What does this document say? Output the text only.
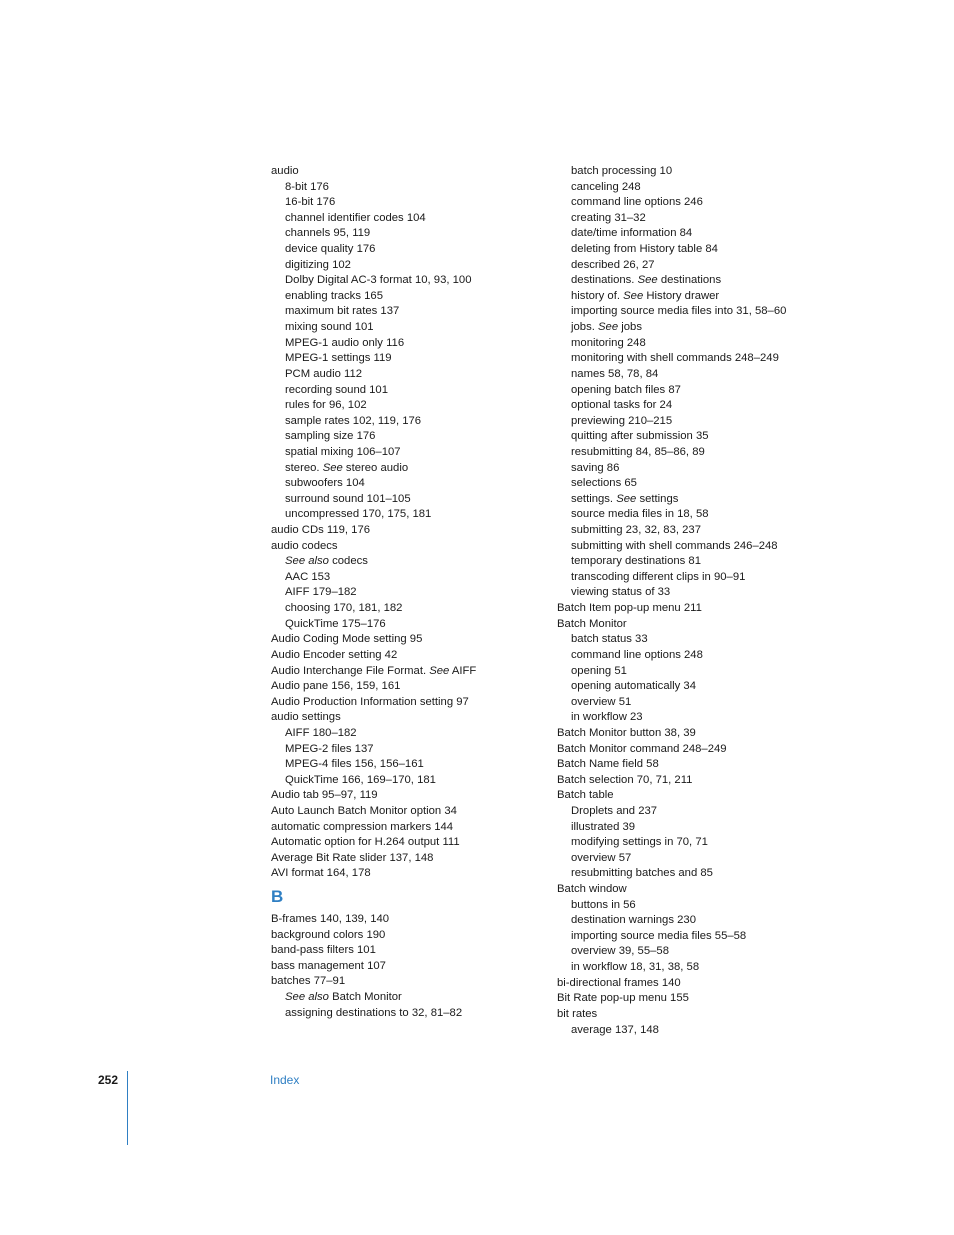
audio
8-bit 176
16-bit 176
channel identifier codes 104
channels 95, 119
device quality 176
digitizing 102
Dolby Digital AC-3 format 10, 93, 100
enabling tracks 165
maximum bit rates 137
mixing sound 101
MPEG-1 audio only 116
MPEG-1 settings 119
PCM audio 112
recording sound 101
rules for 96, 102
sample rates 102, 119, 176
sampling size 176
spatial mixing 106–107
stereo. See stereo audio
subwoofers 104
surround sound 101–105
uncompressed 170, 175, 181
audio CDs 119, 176
audio codecs
See also codecs
AAC 153
AIFF 179–182
choosing 170, 181, 182
QuickTime 175–176
Audio Coding Mode setting 95
Audio Encoder setting 42
Audio Interchange File Format. See AIFF
Audio pane 156, 159, 161
Audio Production Information setting 97
audio settings
AIFF 180–182
MPEG-2 files 137
MPEG-4 files 156, 156–161
QuickTime 166, 169–170, 181
Audio tab 95–97, 119
Auto Launch Batch Monitor option 34
automatic compression markers 144
Automatic option for H.264 output 111
Average Bit Rate slider 137, 148
AVI format 164, 178
B
B-frames 140, 139, 140
background colors 190
band-pass filters 101
bass management 107
batches 77–91
See also Batch Monitor
assigning destinations to 32, 81–82
batch processing 10
canceling 248
command line options 246
creating 31–32
date/time information 84
deleting from History table 84
described 26, 27
destinations. See destinations
history of. See History drawer
importing source media files into 31, 58–60
jobs. See jobs
monitoring 248
monitoring with shell commands 248–249
names 58, 78, 84
opening batch files 87
optional tasks for 24
previewing 210–215
quitting after submission 35
resubmitting 84, 85–86, 89
saving 86
selections 65
settings. See settings
source media files in 18, 58
submitting 23, 32, 83, 237
submitting with shell commands 246–248
temporary destinations 81
transcoding different clips in 90–91
viewing status of 33
Batch Item pop-up menu 211
Batch Monitor
batch status 33
command line options 248
opening 51
opening automatically 34
overview 51
in workflow 23
Batch Monitor button 38, 39
Batch Monitor command 248–249
Batch Name field 58
Batch selection 70, 71, 211
Batch table
Droplets and 237
illustrated 39
modifying settings in 70, 71
overview 57
resubmitting batches and 85
Batch window
buttons in 56
destination warnings 230
importing source media files 55–58
overview 39, 55–58
in workflow 18, 31, 38, 58
bi-directional frames 140
Bit Rate pop-up menu 155
bit rates
average 137, 148
252	Index
